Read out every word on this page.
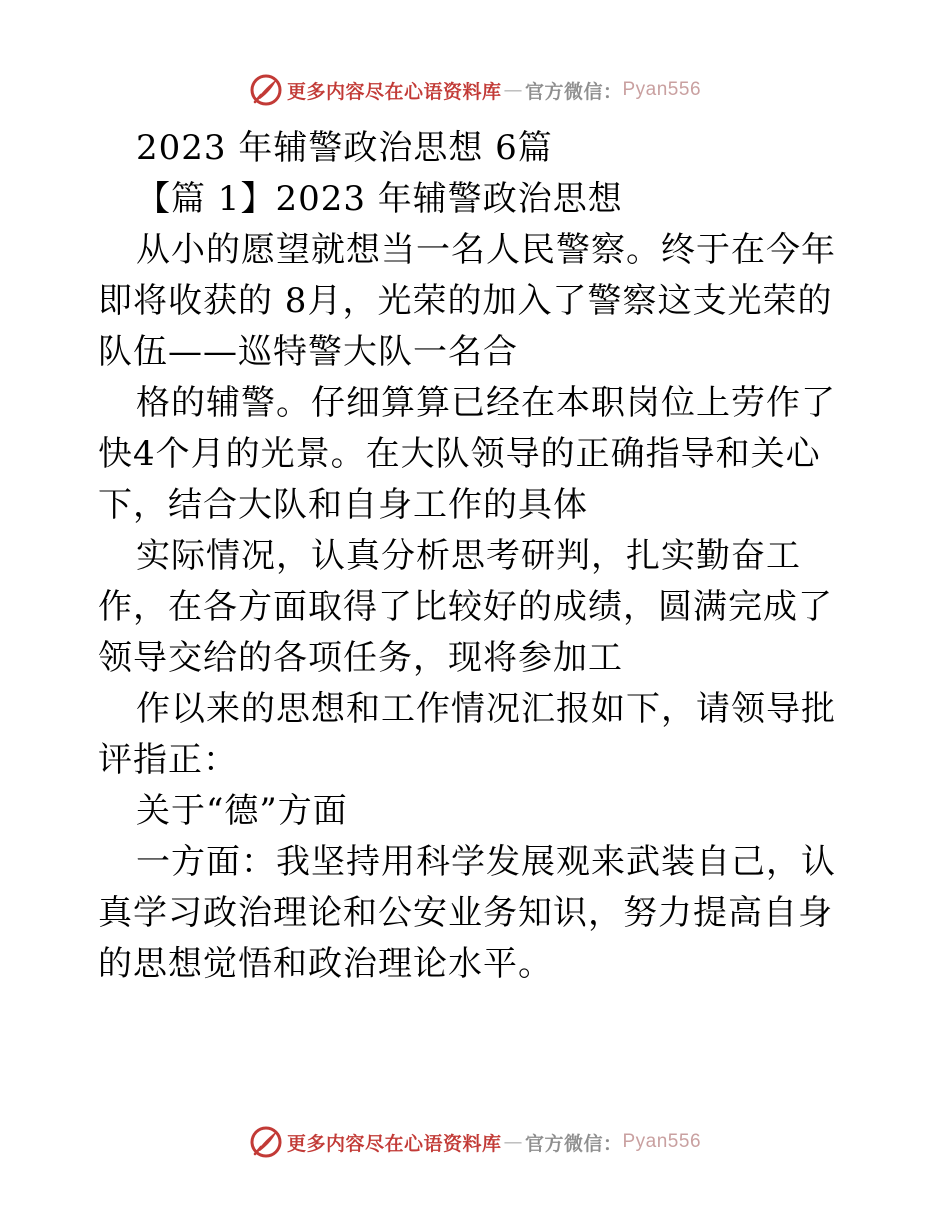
更多内容尽在心语资料库 — 官方微信： Pyan556

2023 年辅警政治思想 6篇

【篇 1】2023 年辅警政治思想

从小的愿望就想当一名人民警察。终于在今年即将收获的 8月，光荣的加入了警察这支光荣的队伍——巡特警大队一名合

格的辅警。仔细算算已经在本职岗位上劳作了快4个月的光景。在大队领导的正确指导和关心下，结合大队和自身工作的具体

实际情况，认真分析思考研判，扎实勤奋工作，在各方面取得了比较好的成绩，圆满完成了领导交给的各项任务，现将参加工

作以来的思想和工作情况汇报如下，请领导批评指正：

关于“德”方面

一方面：我坚持用科学发展观来武装自己，认真学习政治理论和公安业务知识，努力提高自身的思想觉悟和政治理论水平。

更多内容尽在心语资料库 — 官方微信： Pyan556
